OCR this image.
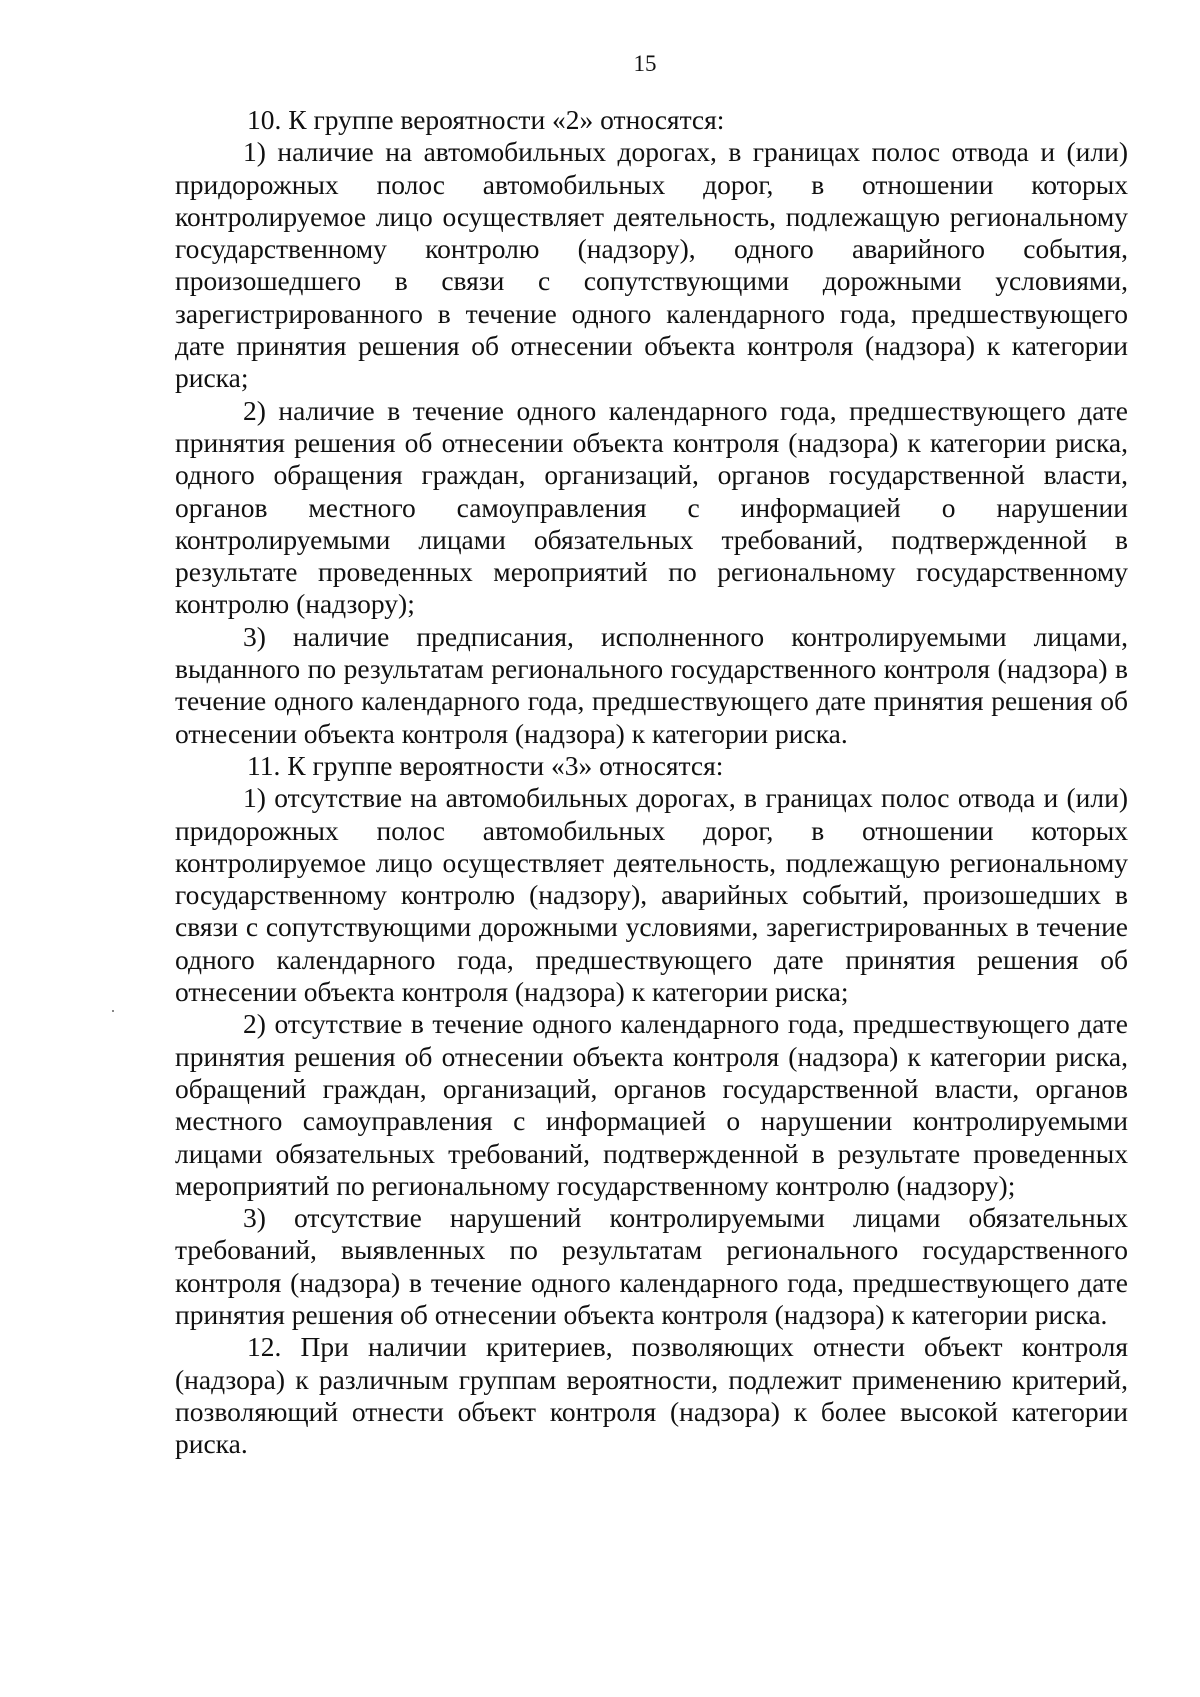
15

10. К группе вероятности «2» относятся:

1) наличие на автомобильных дорогах, в границах полос отвода и (или) придорожных полос автомобильных дорог, в отношении которых контролируемое лицо осуществляет деятельность, подлежащую региональному государственному контролю (надзору), одного аварийного события, произошедшего в связи с сопутствующими дорожными условиями, зарегистрированного в течение одного календарного года, предшествующего дате принятия решения об отнесении объекта контроля (надзора) к категории риска;

2) наличие в течение одного календарного года, предшествующего дате принятия решения об отнесении объекта контроля (надзора) к категории риска, одного обращения граждан, организаций, органов государственной власти, органов местного самоуправления с информацией о нарушении контролируемыми лицами обязательных требований, подтвержденной в результате проведенных мероприятий по региональному государственному контролю (надзору);

3) наличие предписания, исполненного контролируемыми лицами, выданного по результатам регионального государственного контроля (надзора) в течение одного календарного года, предшествующего дате принятия решения об отнесении объекта контроля (надзора) к категории риска.

11. К группе вероятности «3» относятся:

1) отсутствие на автомобильных дорогах, в границах полос отвода и (или) придорожных полос автомобильных дорог, в отношении которых контролируемое лицо осуществляет деятельность, подлежащую региональному государственному контролю (надзору), аварийных событий, произошедших в связи с сопутствующими дорожными условиями, зарегистрированных в течение одного календарного года, предшествующего дате принятия решения об отнесении объекта контроля (надзора) к категории риска;

2) отсутствие в течение одного календарного года, предшествующего дате принятия решения об отнесении объекта контроля (надзора) к категории риска, обращений граждан, организаций, органов государственной власти, органов местного самоуправления с информацией о нарушении контролируемыми лицами обязательных требований, подтвержденной в результате проведенных мероприятий по региональному государственному контролю (надзору);

3) отсутствие нарушений контролируемыми лицами обязательных требований, выявленных по результатам регионального государственного контроля (надзора) в течение одного календарного года, предшествующего дате принятия решения об отнесении объекта контроля (надзора) к категории риска.

12. При наличии критериев, позволяющих отнести объект контроля (надзора) к различным группам вероятности, подлежит применению критерий, позволяющий отнести объект контроля (надзора) к более высокой категории риска.
